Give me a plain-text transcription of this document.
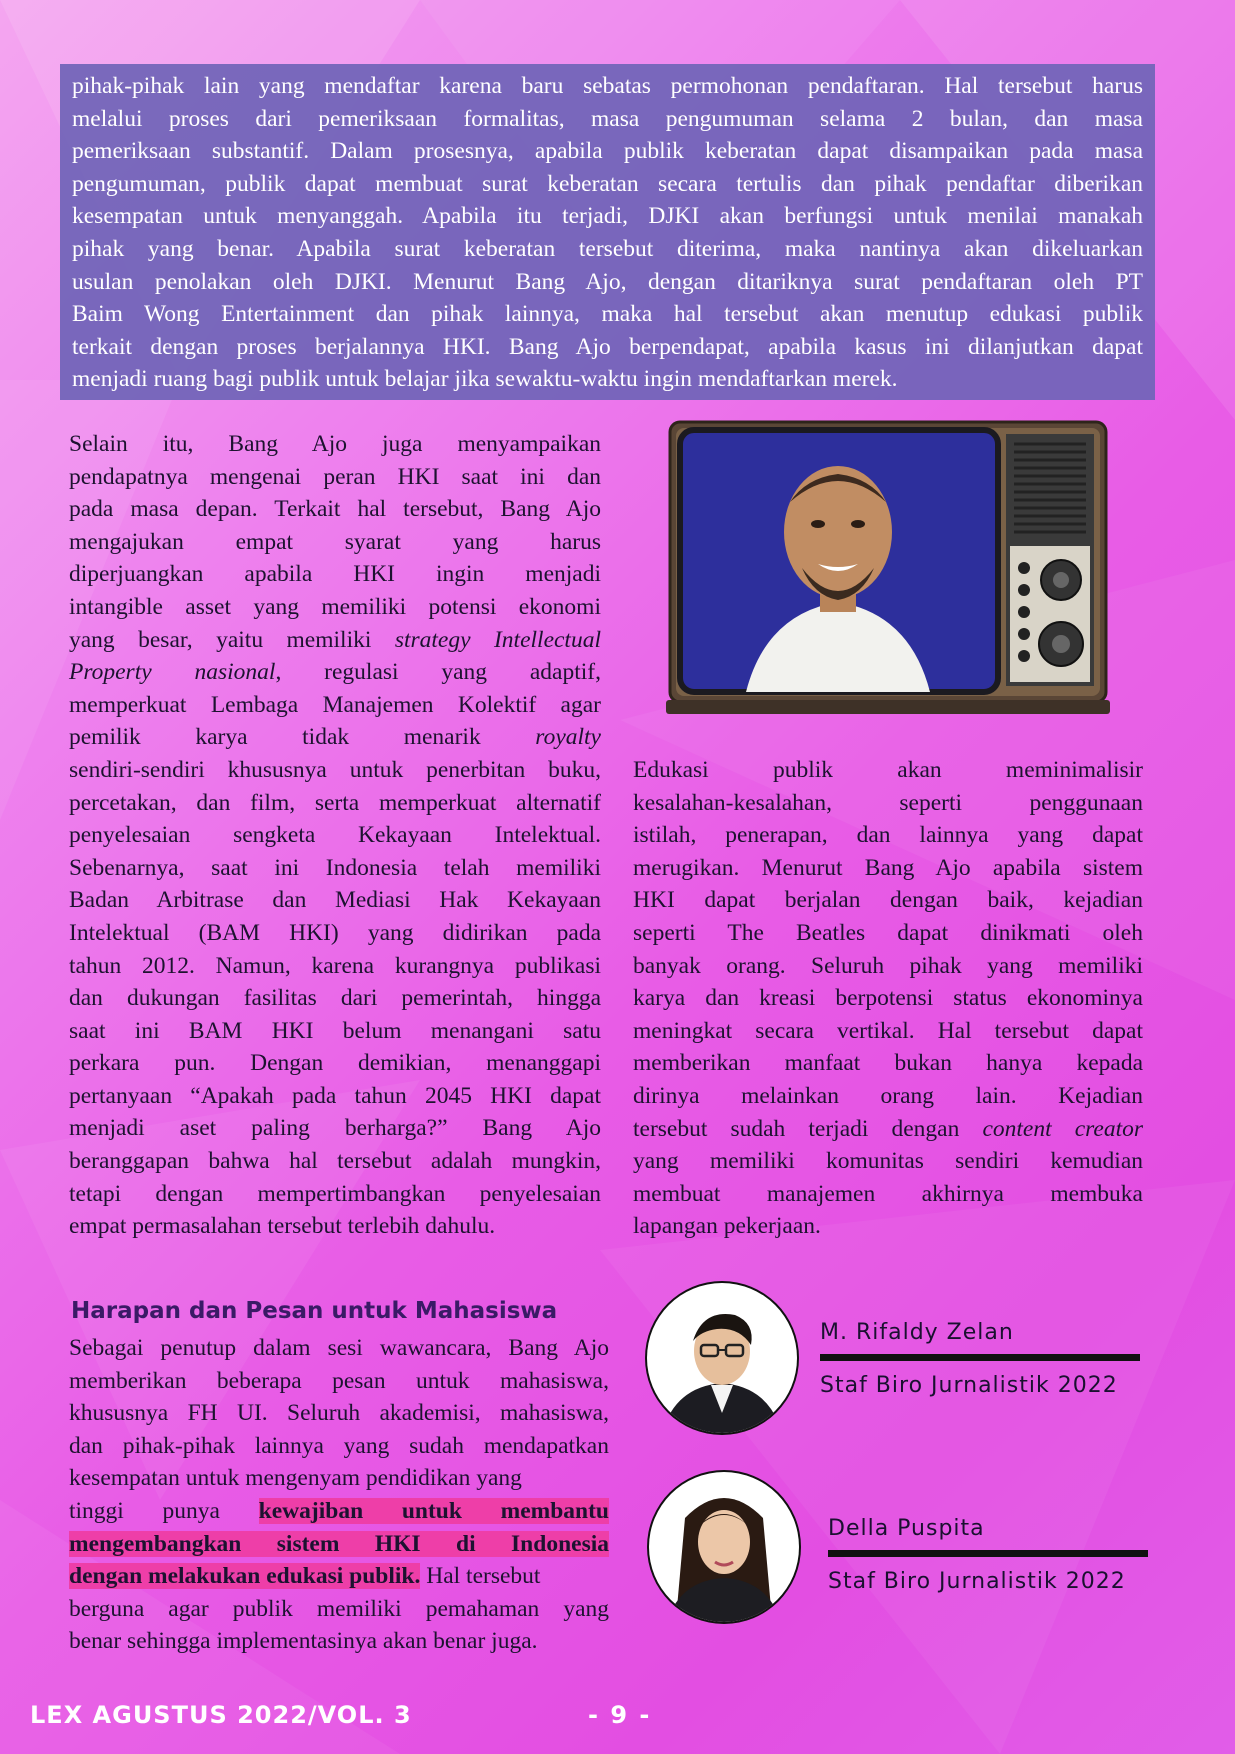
pihak-pihak lain yang mendaftar karena baru sebatas permohonan pendaftaran. Hal tersebut harus
melalui proses dari pemeriksaan formalitas, masa pengumuman selama 2 bulan, dan masa
pemeriksaan substantif. Dalam prosesnya, apabila publik keberatan dapat disampaikan pada masa
pengumuman, publik dapat membuat surat keberatan secara tertulis dan pihak pendaftar diberikan
kesempatan untuk menyanggah. Apabila itu terjadi, DJKI akan berfungsi untuk menilai manakah
pihak yang benar. Apabila surat keberatan tersebut diterima, maka nantinya akan dikeluarkan
usulan penolakan oleh DJKI. Menurut Bang Ajo, dengan ditariknya surat pendaftaran oleh PT
Baim Wong Entertainment dan pihak lainnya, maka hal tersebut akan menutup edukasi publik
terkait dengan proses berjalannya HKI. Bang Ajo berpendapat, apabila kasus ini dilanjutkan dapat
menjadi ruang bagi publik untuk belajar jika sewaktu-waktu ingin mendaftarkan merek.
Selain itu, Bang Ajo juga menyampaikan
pendapatnya mengenai peran HKI saat ini dan
pada masa depan. Terkait hal tersebut, Bang Ajo
mengajukan empat syarat yang harus
diperjuangkan apabila HKI ingin menjadi
intangible asset yang memiliki potensi ekonomi
yang besar, yaitu memiliki strategy Intellectual
Property nasional, regulasi yang adaptif,
memperkuat Lembaga Manajemen Kolektif agar
pemilik karya tidak menarik royalty
sendiri-sendiri khususnya untuk penerbitan buku,
percetakan, dan film, serta memperkuat alternatif
penyelesaian sengketa Kekayaan Intelektual.
Sebenarnya, saat ini Indonesia telah memiliki
Badan Arbitrase dan Mediasi Hak Kekayaan
Intelektual (BAM HKI) yang didirikan pada
tahun 2012. Namun, karena kurangnya publikasi
dan dukungan fasilitas dari pemerintah, hingga
saat ini BAM HKI belum menangani satu
perkara pun. Dengan demikian, menanggapi
pertanyaan “Apakah pada tahun 2045 HKI dapat
menjadi aset paling berharga?” Bang Ajo
beranggapan bahwa hal tersebut adalah mungkin,
tetapi dengan mempertimbangkan penyelesaian
empat permasalahan tersebut terlebih dahulu.
Edukasi publik akan meminimalisir
kesalahan-kesalahan, seperti penggunaan
istilah, penerapan, dan lainnya yang dapat
merugikan. Menurut Bang Ajo apabila sistem
HKI dapat berjalan dengan baik, kejadian
seperti The Beatles dapat dinikmati oleh
banyak orang. Seluruh pihak yang memiliki
karya dan kreasi berpotensi status ekonominya
meningkat secara vertikal. Hal tersebut dapat
memberikan manfaat bukan hanya kepada
dirinya melainkan orang lain. Kejadian
tersebut sudah terjadi dengan content creator
yang memiliki komunitas sendiri kemudian
membuat manajemen akhirnya membuka
lapangan pekerjaan.
Harapan dan Pesan untuk Mahasiswa
Sebagai penutup dalam sesi wawancara, Bang Ajo
memberikan beberapa pesan untuk mahasiswa,
khususnya FH UI. Seluruh akademisi, mahasiswa,
dan pihak-pihak lainnya yang sudah mendapatkan
kesempatan untuk mengenyam pendidikan yang
tinggi punya kewajiban untuk membantu
mengembangkan sistem HKI di Indonesia
dengan melakukan edukasi publik. Hal tersebut
berguna agar publik memiliki pemahaman yang
benar sehingga implementasinya akan benar juga.
M. Rifaldy Zelan
Staf Biro Jurnalistik 2022
Della Puspita
Staf Biro Jurnalistik 2022
LEX AGUSTUS 2022/VOL. 3	- 9 -
